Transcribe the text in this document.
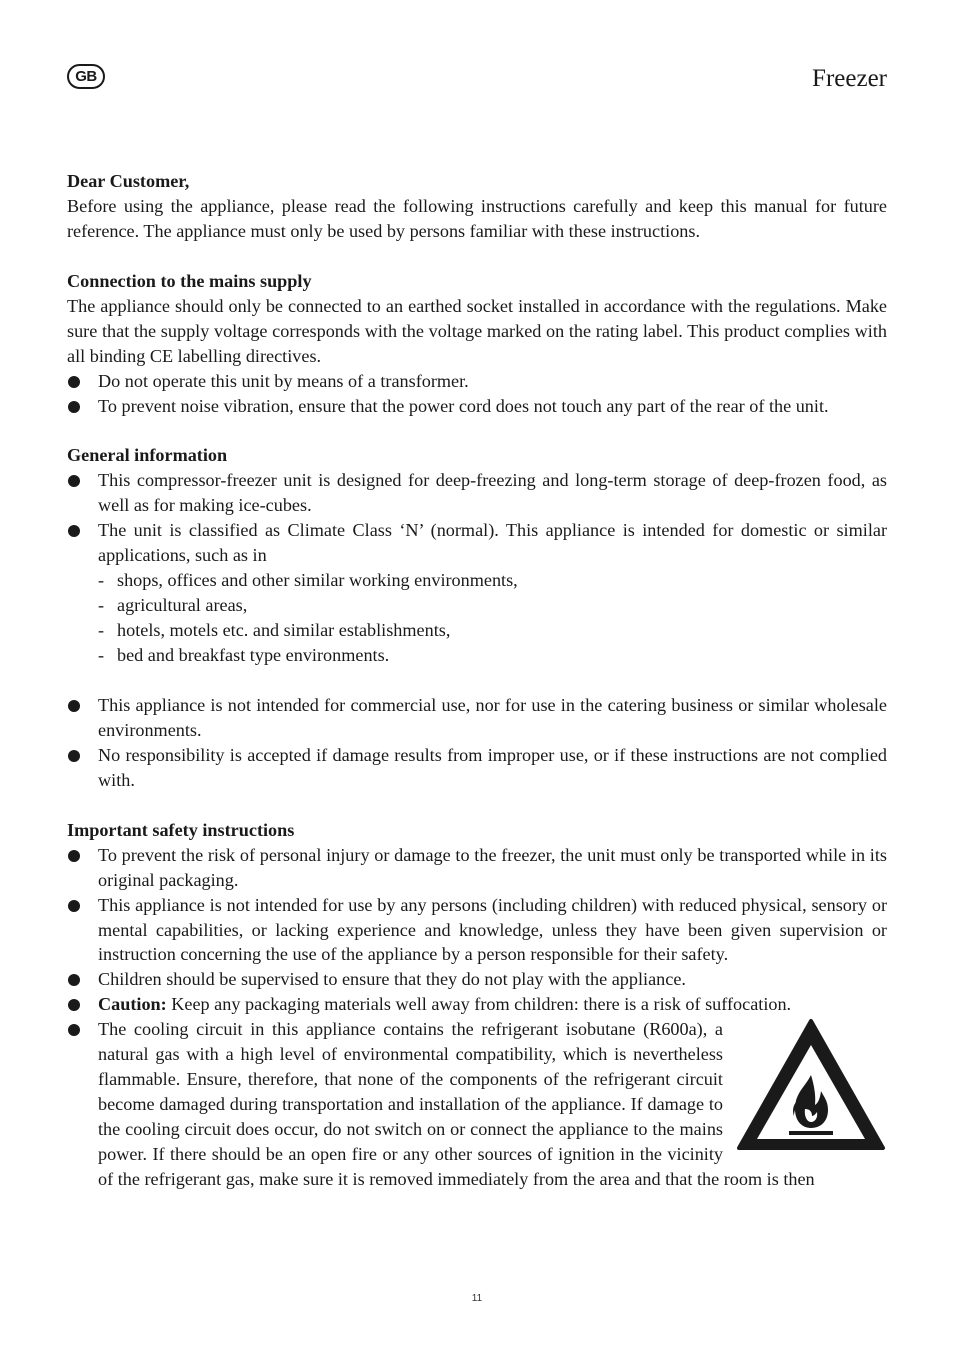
GB	Freezer

Dear Customer,

Before using the appliance, please read the following instructions carefully and keep this manual for future reference. The appliance must only be used by persons familiar with these instructions.

Connection to the mains supply

The appliance should only be connected to an earthed socket installed in accordance with the regulations. Make sure that the supply voltage corresponds with the voltage marked on the rating label. This product complies with all binding CE labelling directives.

Do not operate this unit by means of a transformer.
To prevent noise vibration, ensure that the power cord does not touch any part of the rear of the unit.

General information

This compressor-freezer unit is designed for deep-freezing and long-term storage of deep-frozen food, as well as for making ice-cubes.
The unit is classified as Climate Class ‘N’ (normal). This appliance is intended for domestic or similar applications, such as in
- shops, offices and other similar working environments,
- agricultural areas,
- hotels, motels etc. and similar establishments,
- bed and breakfast type environments.
This appliance is not intended for commercial use, nor for use in the catering business or similar wholesale environments.
No responsibility is accepted if damage results from improper use, or if these instructions are not complied with.

Important safety instructions

To prevent the risk of personal injury or damage to the freezer, the unit must only be transported while in its original packaging.
This appliance is not intended for use by any persons (including children) with reduced physical, sensory or mental capabilities, or lacking experience and knowledge, unless they have been given supervision or instruction concerning the use of the appliance by a person responsible for their safety.
Children should be supervised to ensure that they do not play with the appliance.
Caution: Keep any packaging materials well away from children: there is a risk of suffocation.
The cooling circuit in this appliance contains the refrigerant isobutane (R600a), a natural gas with a high level of environmental compatibility, which is nevertheless flammable. Ensure, therefore, that none of the components of the refrigerant circuit become damaged during transportation and installation of the appliance. If damage to the cooling circuit does occur, do not switch on or connect the appliance to the mains power. If there should be an open fire or any other sources of ignition in the vicinity of the refrigerant gas, make sure it is removed immediately from the area and that the room is then
11
